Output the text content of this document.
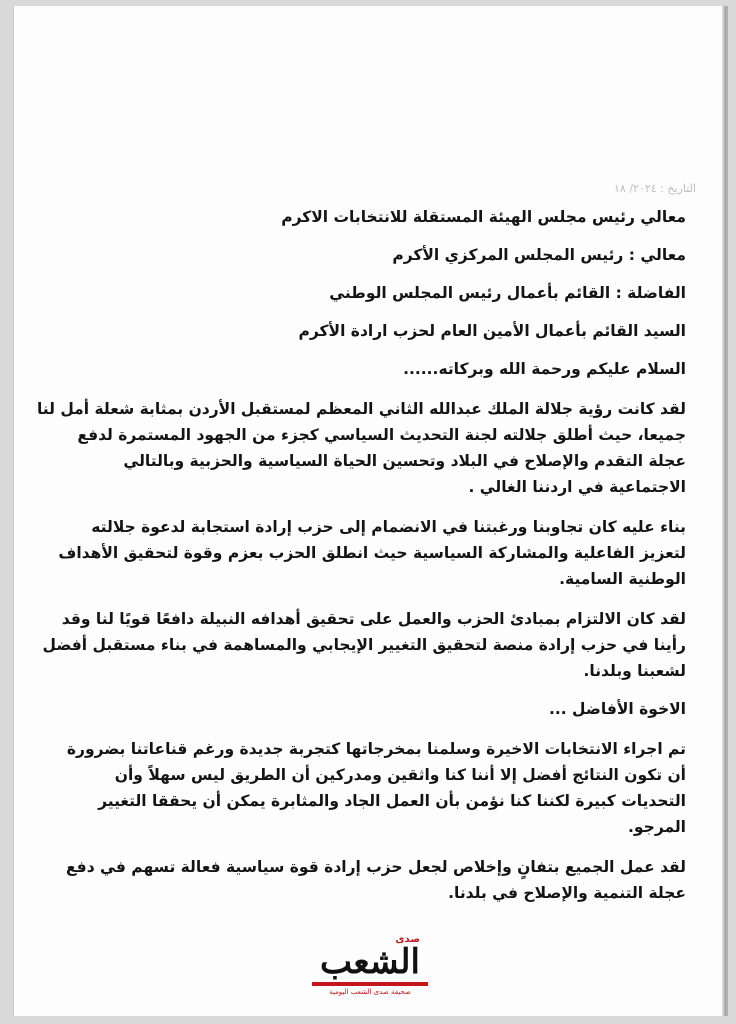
التاريخ : ٢٠٢٤/ ١٨

معالي رئيس مجلس الهيئة المستقلة للانتخابات الاكرم

معالي : رئيس المجلس المركزي الأكرم

الفاضلة : القائم بأعمال رئيس المجلس الوطني

السيد القائم بأعمال الأمين العام لحزب ارادة الأكرم

السلام عليكم ورحمة الله وبركاته......

لقد كانت رؤية جلالة الملك عبدالله الثاني المعظم لمستقبل الأردن بمثابة شعلة أمل لنا
جميعا، حيث أطلق جلالته لجنة التحديث السياسي كجزء من الجهود المستمرة لدفع
عجلة التقدم والإصلاح في البلاد وتحسين الحياة السياسية والحزبية وبالتالي
الاجتماعية في اردننا الغالي .
بناء عليه كان تجاوبنا ورغبتنا في الانضمام إلى حزب إرادة استجابة لدعوة جلالته
لتعزيز الفاعلية والمشاركة السياسية حيث انطلق الحزب بعزم وقوة لتحقيق الأهداف
الوطنية السامية.
لقد كان الالتزام بمبادئ الحزب والعمل على تحقيق أهدافه النبيلة دافعًا قويًا لنا وقد
رأينا في حزب إرادة منصة لتحقيق التغيير الإيجابي والمساهمة في بناء مستقبل أفضل
لشعبنا وبلدنا.

الاخوة الأفاضل ...

تم اجراء الانتخابات الاخيرة وسلمنا بمخرجاتها كتجربة جديدة ورغم قناعاتنا بضرورة
أن تكون النتائج أفضل إلا أننا كنا واثقين ومدركين أن الطريق ليس سهلاً وأن
التحديات كبيرة لكننا كنا نؤمن بأن العمل الجاد والمثابرة يمكن أن يحققا التغيير
المرجو.
لقد عمل الجميع بتفانٍ وإخلاص لجعل حزب إرادة قوة سياسية فعالة تسهم في دفع
عجلة التنمية والإصلاح في بلدنا.
صدى
الشعب
صحيفة صدى الشعب اليومية
